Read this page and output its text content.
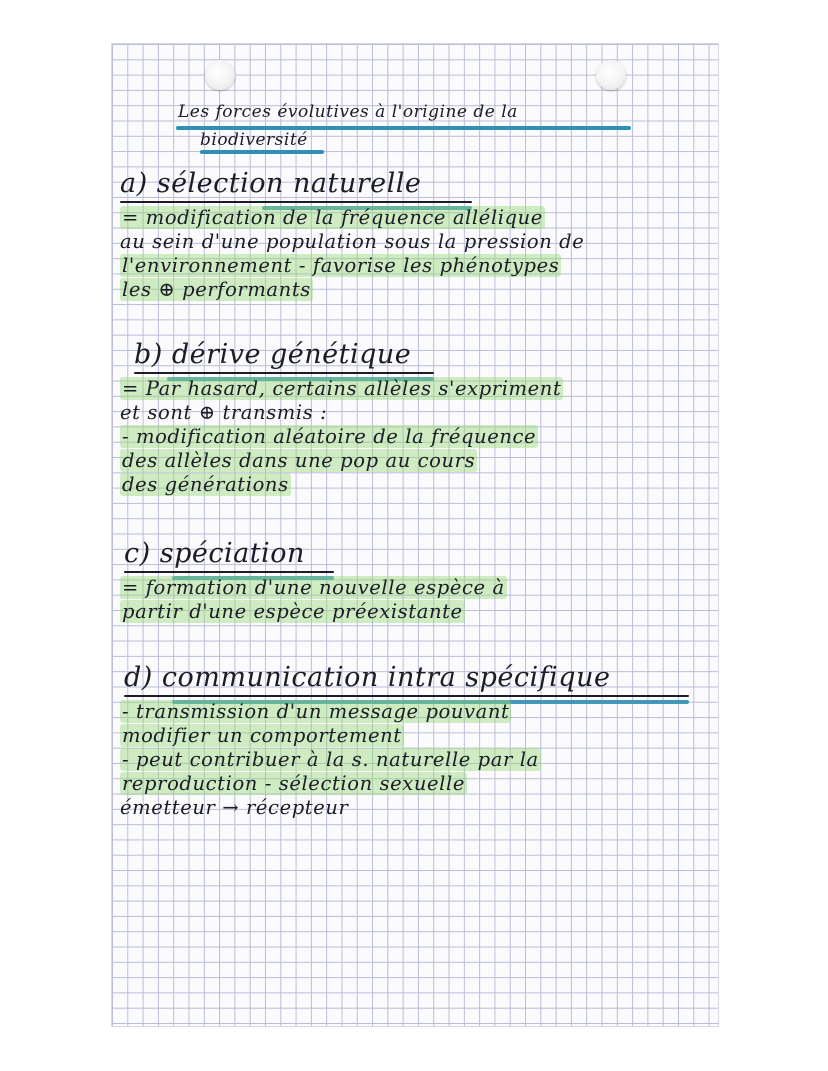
Les forces évolutives à l'origine de la
biodiversité
a) sélection naturelle
= modification de la fréquence allélique
au sein d'une population sous la pression de
l'environnement - favorise les phénotypes
les ⊕ performants
b) dérive génétique
= Par hasard, certains allèles s'expriment
et sont ⊕ transmis :
- modification aléatoire de la fréquence
des allèles dans une pop au cours
des générations
c) spéciation
= formation d'une nouvelle espèce à
partir d'une espèce préexistante
d) communication intra spécifique
- transmission d'un message pouvant
modifier un comportement
- peut contribuer à la s. naturelle par la
reproduction - sélection sexuelle
émetteur → récepteur
